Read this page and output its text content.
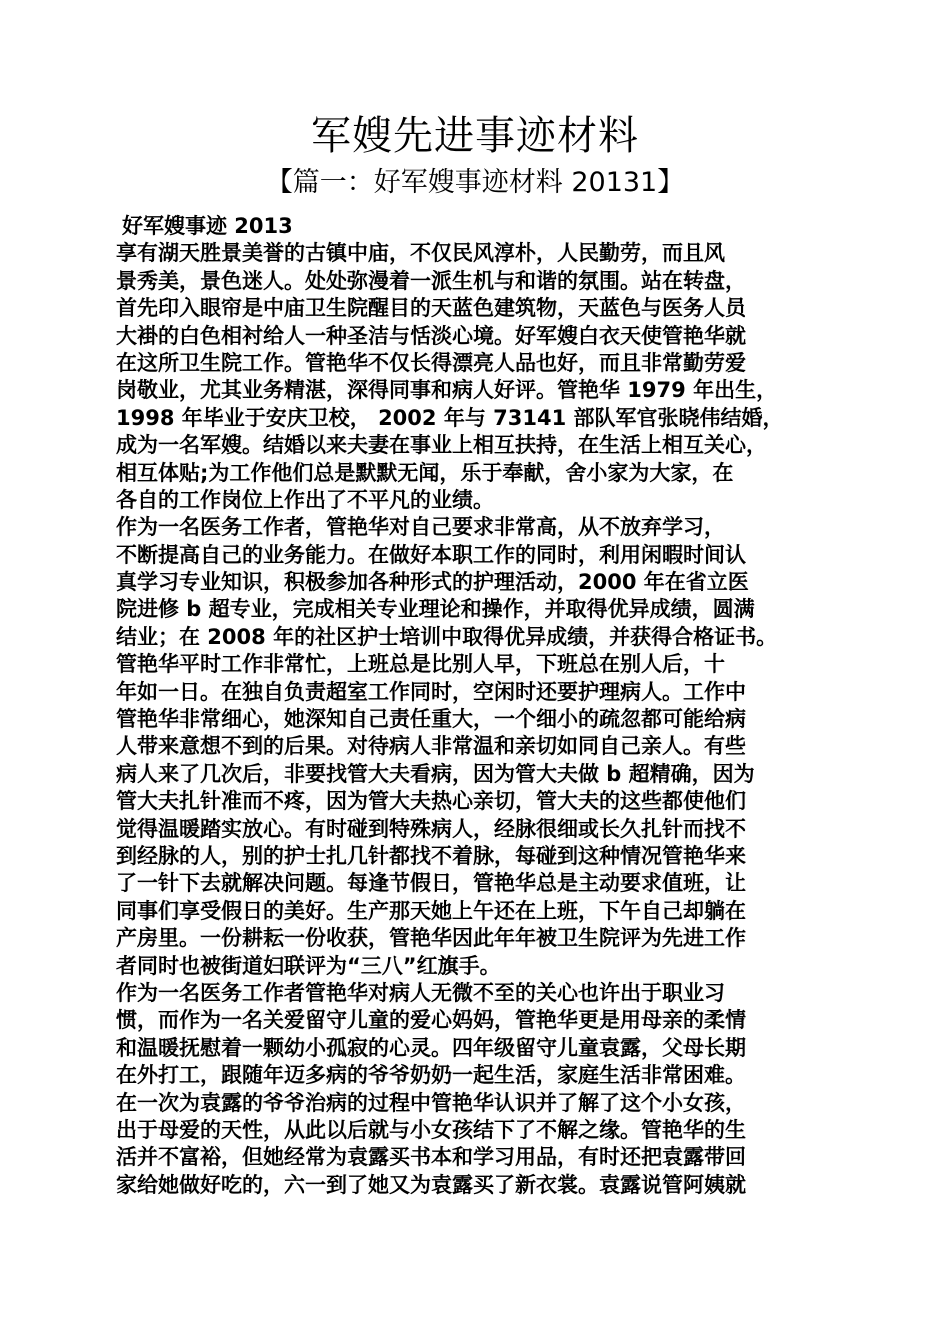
军嫂先进事迹材料
【篇一：好军嫂事迹材料 20131】
好军嫂事迹 2013
享有湖天胜景美誉的古镇中庙，不仅民风淳朴，人民勤劳，而且风
景秀美，景色迷人。处处弥漫着一派生机与和谐的氛围。站在转盘，
首先印入眼帘是中庙卫生院醒目的天蓝色建筑物，天蓝色与医务人员
大褂的白色相衬给人一种圣洁与恬淡心境。好军嫂白衣天使管艳华就
在这所卫生院工作。管艳华不仅长得漂亮人品也好，而且非常勤劳爱
岗敬业，尤其业务精湛，深得同事和病人好评。管艳华 1979 年出生，
1998 年毕业于安庆卫校， 2002 年与 73141 部队军官张晓伟结婚，
成为一名军嫂。结婚以来夫妻在事业上相互扶持，在生活上相互关心，
相互体贴;为工作他们总是默默无闻，乐于奉献，舍小家为大家，在
各自的工作岗位上作出了不平凡的业绩。
作为一名医务工作者，管艳华对自己要求非常高，从不放弃学习，
不断提高自己的业务能力。在做好本职工作的同时，利用闲暇时间认
真学习专业知识，积极参加各种形式的护理活动，2000 年在省立医
院进修 b 超专业，完成相关专业理论和操作，并取得优异成绩，圆满
结业；在 2008 年的社区护士培训中取得优异成绩，并获得合格证书。
管艳华平时工作非常忙，上班总是比别人早，下班总在别人后，十
年如一日。在独自负责超室工作同时，空闲时还要护理病人。工作中
管艳华非常细心，她深知自己责任重大，一个细小的疏忽都可能给病
人带来意想不到的后果。对待病人非常温和亲切如同自己亲人。有些
病人来了几次后，非要找管大夫看病，因为管大夫做 b 超精确，因为
管大夫扎针准而不疼，因为管大夫热心亲切，管大夫的这些都使他们
觉得温暖踏实放心。有时碰到特殊病人，经脉很细或长久扎针而找不
到经脉的人，别的护士扎几针都找不着脉，每碰到这种情况管艳华来
了一针下去就解决问题。每逢节假日，管艳华总是主动要求值班，让
同事们享受假日的美好。生产那天她上午还在上班，下午自己却躺在
产房里。一份耕耘一份收获，管艳华因此年年被卫生院评为先进工作
者同时也被街道妇联评为“三八”红旗手。
作为一名医务工作者管艳华对病人无微不至的关心也许出于职业习
惯，而作为一名关爱留守儿童的爱心妈妈，管艳华更是用母亲的柔情
和温暖抚慰着一颗幼小孤寂的心灵。四年级留守儿童袁露，父母长期
在外打工，跟随年迈多病的爷爷奶奶一起生活，家庭生活非常困难。
在一次为袁露的爷爷治病的过程中管艳华认识并了解了这个小女孩，
出于母爱的天性，从此以后就与小女孩结下了不解之缘。管艳华的生
活并不富裕，但她经常为袁露买书本和学习用品，有时还把袁露带回
家给她做好吃的，六一到了她又为袁露买了新衣裳。袁露说管阿姨就
